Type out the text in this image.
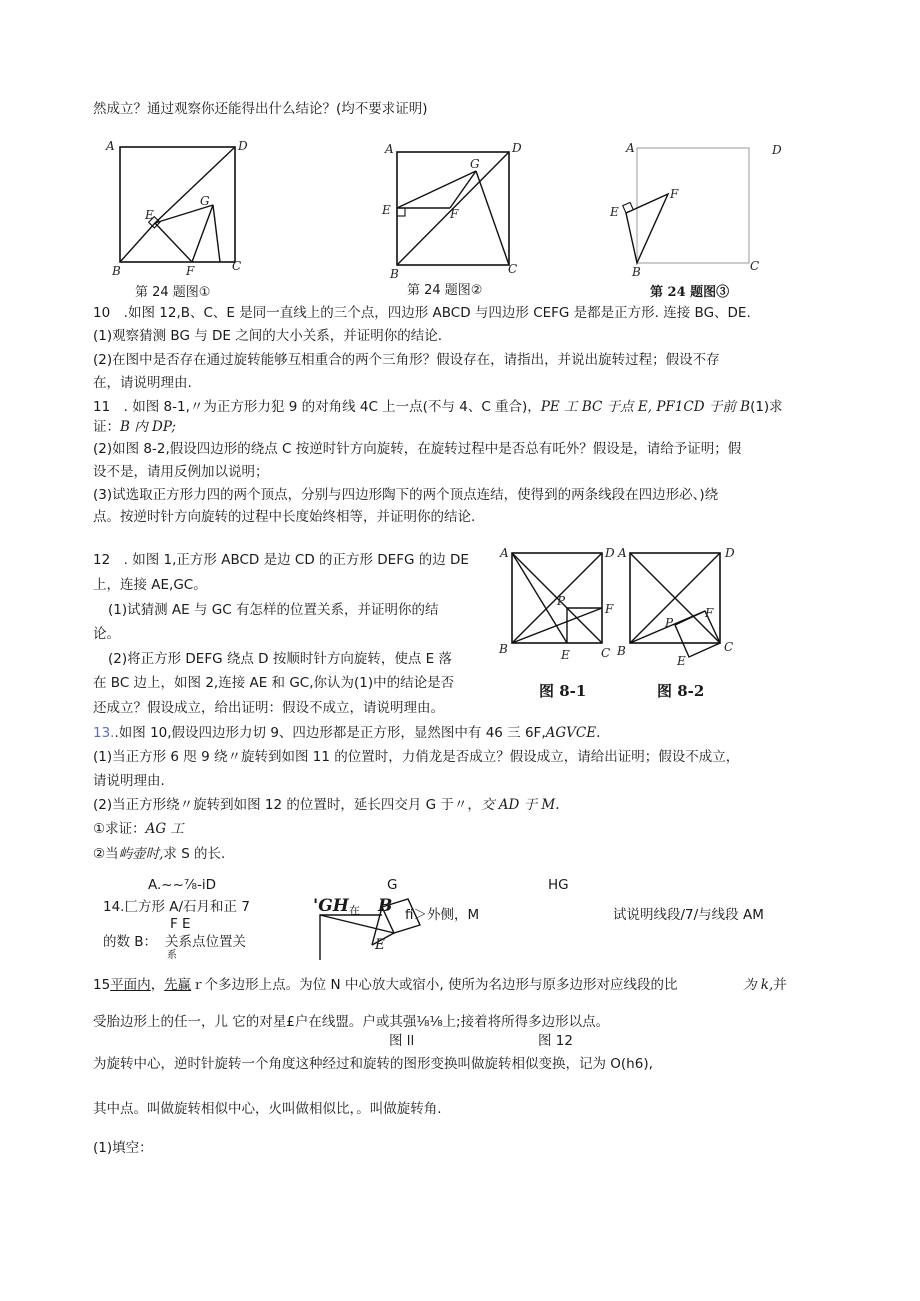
然成立？通过观察你还能得出什么结论？(均不要求证明)
A	D
B	C
E
F
G
第 24 题图①
A	D
B	C
E	F
G
第 24 题图②
A	D
B	C
E
F
第 24 题图③
10　.如图 12,B、C、E 是同一直线上的三个点，四边形 ABCD 与四边形 CEFG 是都是正方形. 连接 BG、DE.
(1)观察猜测 BG 与 DE 之间的大小关系，并证明你的结论.
(2)在图中是否存在通过旋转能够互相重合的两个三角形？假设存在，请指出，并说出旋转过程；假设不存
在，请说明理由.
11　. 如图 8-1,〃为正方形力犯 9 的对角线 4C 上一点(不与 4、C 重合)，PE 工 BC 于点 E, PF1CD 于前 B(1)求
证：B 内 DP;
(2)如图 8-2,假设四边形的绕点 C 按逆时针方向旋转，在旋转过程中是否总有吒外？假设是，请给予证明；假
设不是，请用反例加以说明；
(3)试选取正方形力四的两个顶点，分别与四边形陶下的两个顶点连结，使得到的两条线段在四边形必、)绕
点。按逆时针方向旋转的过程中长度始终相等，并证明你的结论.
12　. 如图 1,正方形 ABCD 是边 CD 的正方形 DEFG 的边 DE
上，连接 AE,GC。
(1)试猜测 AE 与 GC 有怎样的位置关系，并证明你的结
论。
(2)将正方形 DEFG 绕点 D 按顺时针方向旋转，使点 E 落
在 BC 边上，如图 2,连接 AE 和 GC,你认为(1)中的结论是否
还成立？假设成立，给出证明：假设不成立，请说明理由。
A	D
B	C
P
F
E
图 8-1
A	D
B	C
P
F
E
图 8-2
13..如图 10,假设四边形力切 9、四边形都是正方形，显然图中有 46 三 6F,AGVCE.
(1)当正方形 6 咫 9 绕〃旋转到如图 11 的位置时，力俏龙是否成立？假设成立，请给出证明；假设不成立，
请说明理由.
(2)当正方形绕〃旋转到如图 12 的位置时，延长四交月 G 于〃，交 AD 于 M.
①求证：AG 工
②当屿壶时,求 S 的长.
A.~~⅞-iD	G	HG
14.匚方形 A/石月和正 7	'GH 在 B fi＞外侧，M	试说明线段/7/与线段 AM
F E
的数 B： 关系点位置关
系
E
15平面内，先赢ｒ个多边形上点。为位 N 中心放大或宿小, 使所为名边形与原多边形对应线段的比	为 k,并
受胎边形上的任一，儿 它的对星£户在线盟。户或其强⅛⅛上;接着将所得多边形以点。
图 ll	图 12
为旋转中心，逆时针旋转一个角度这种经过和旋转的图形变换叫做旋转相似变换，记为 O(h6),
其中点。叫做旋转相似中心，火叫做相似比，。叫做旋转角.
(1)填空：
